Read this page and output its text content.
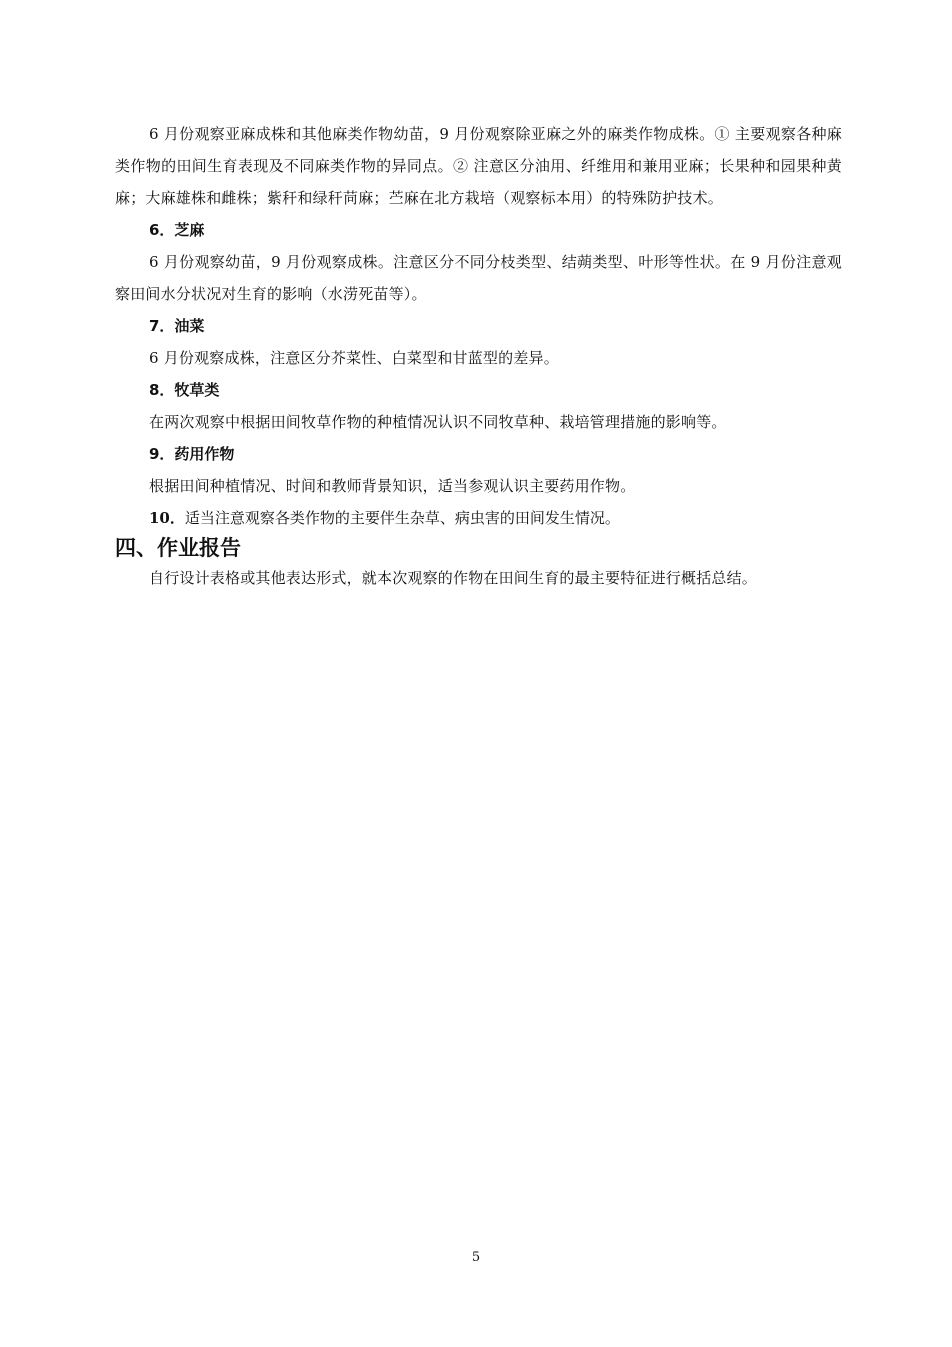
6 月份观察亚麻成株和其他麻类作物幼苗，9 月份观察除亚麻之外的麻类作物成株。① 主要观察各种麻类作物的田间生育表现及不同麻类作物的异同点。② 注意区分油用、纤维用和兼用亚麻；长果种和园果种黄麻；大麻雄株和雌株；紫秆和绿秆苘麻；苎麻在北方栽培（观察标本用）的特殊防护技术。

6．芝麻

6 月份观察幼苗，9 月份观察成株。注意区分不同分枝类型、结蒴类型、叶形等性状。在 9 月份注意观察田间水分状况对生育的影响（水涝死苗等）。

7．油菜

6 月份观察成株，注意区分芥菜性、白菜型和甘蓝型的差异。

8．牧草类

在两次观察中根据田间牧草作物的种植情况认识不同牧草种、栽培管理措施的影响等。

9．药用作物

根据田间种植情况、时间和教师背景知识，适当参观认识主要药用作物。

10．适当注意观察各类作物的主要伴生杂草、病虫害的田间发生情况。

四、作业报告

自行设计表格或其他表达形式，就本次观察的作物在田间生育的最主要特征进行概括总结。

5
